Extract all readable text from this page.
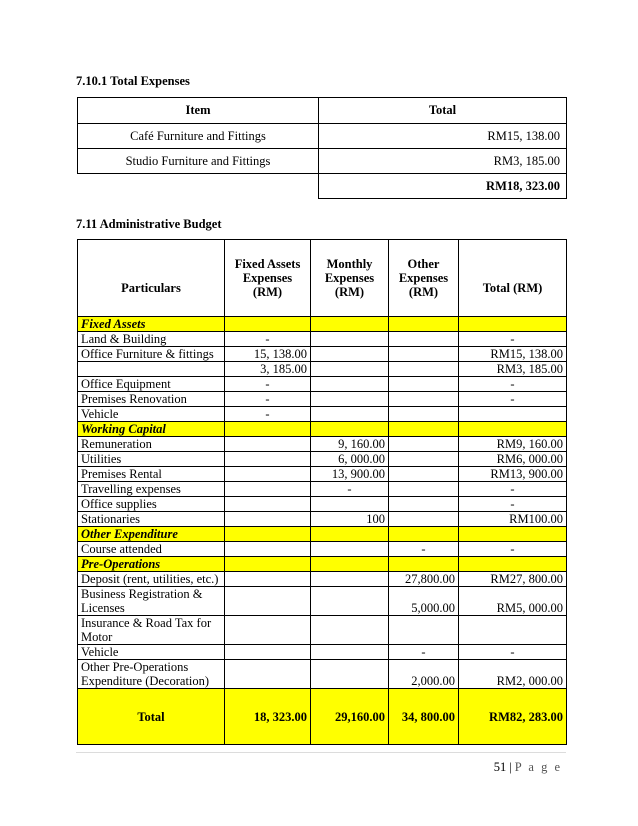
7.10.1 Total Expenses
Item	Total
Café Furniture and Fittings	RM15, 138.00
Studio Furniture and Fittings	RM3, 185.00
	RM18, 323.00
7.11 Administrative Budget
Particulars	Fixed Assets Expenses (RM)	Monthly Expenses (RM)	Other Expenses (RM)	Total (RM)
Fixed Assets				
Land & Building	-			-
Office Furniture & fittings	15, 138.00			RM15, 138.00
	3, 185.00			RM3, 185.00
Office Equipment	-			-
Premises Renovation	-			-
Vehicle	-			
Working Capital				
Remuneration		9, 160.00		RM9, 160.00
Utilities		6, 000.00		RM6, 000.00
Premises Rental		13, 900.00		RM13, 900.00
Travelling expenses		-		-
Office supplies				-
Stationaries		100		RM100.00
Other Expenditure				
Course attended			-	-
Pre-Operations				
Deposit (rent, utilities, etc.)			27,800.00	RM27, 800.00
Business Registration & Licenses			5,000.00	RM5, 000.00
Insurance & Road Tax for Motor				
Vehicle			-	-
Other Pre-Operations Expenditure (Decoration)			2,000.00	RM2, 000.00
Total	18, 323.00	29,160.00	34, 800.00	RM82, 283.00
51 | P a g e
